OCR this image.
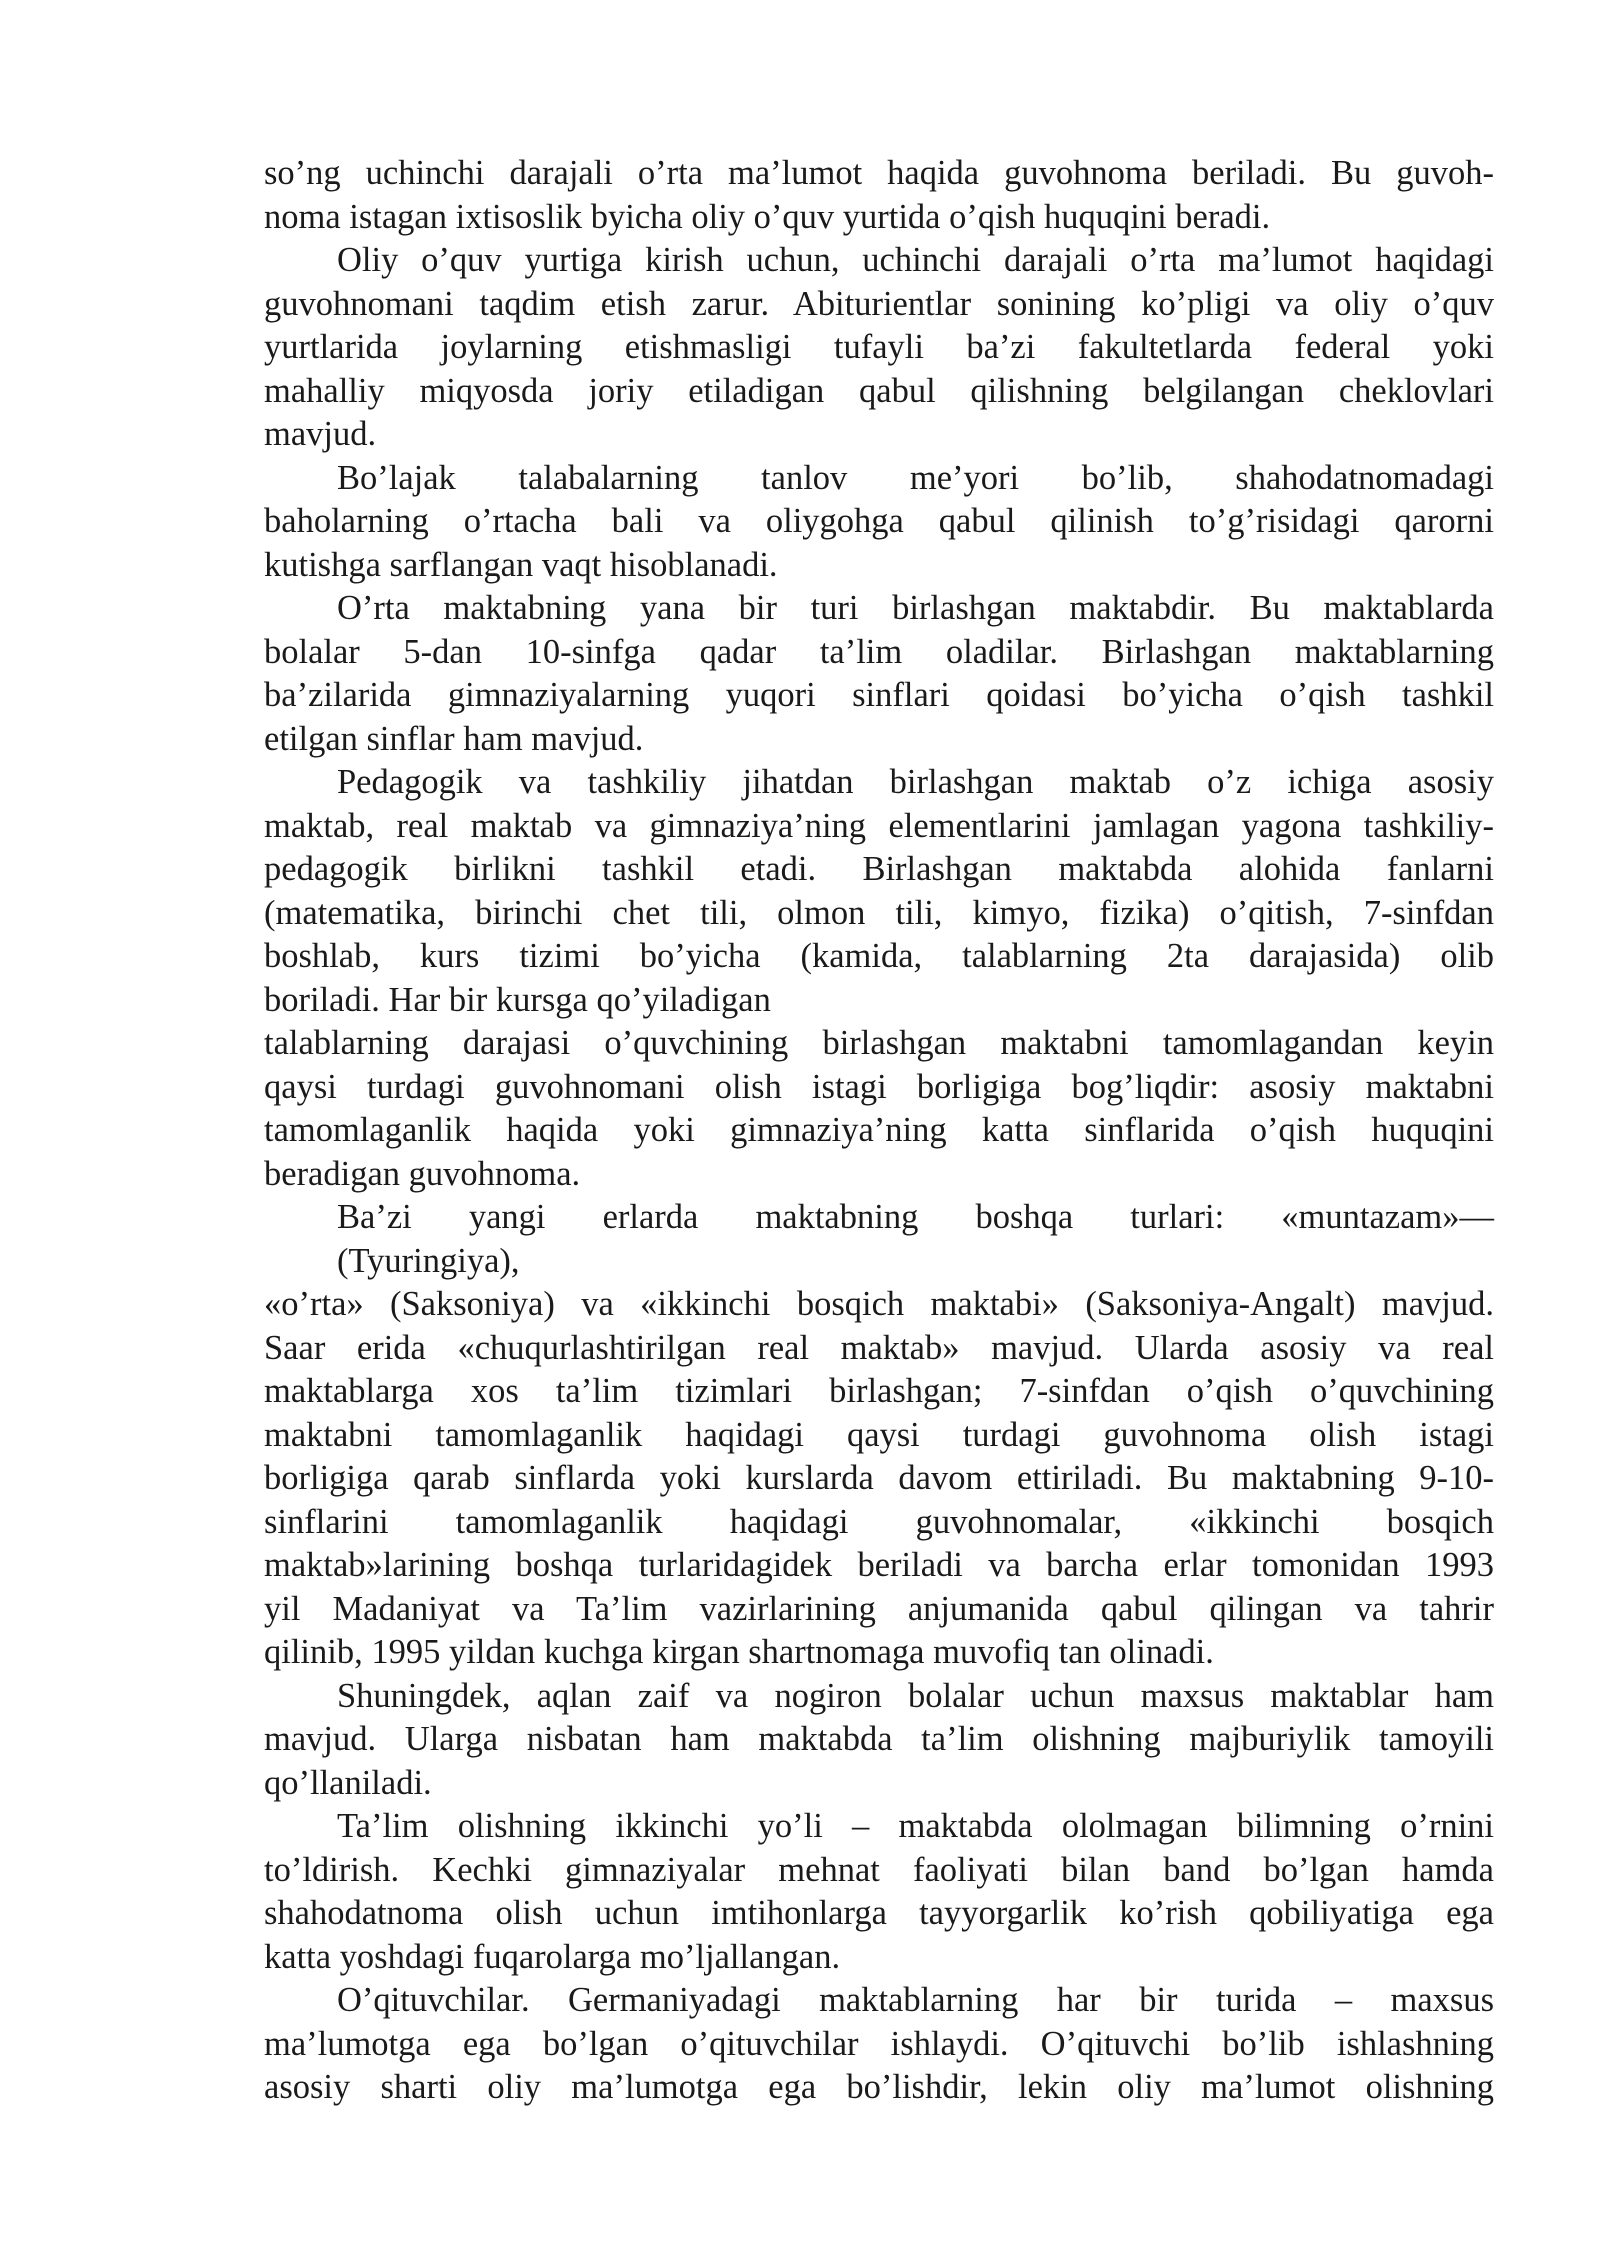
so’ng uchinchi darajali o’rta ma’lumot haqida guvohnoma beriladi. Bu guvoh-
noma istagan ixtisoslik byicha oliy o’quv yurtida o’qish huquqini beradi.

Oliy o’quv yurtiga kirish uchun, uchinchi darajali o’rta ma’lumot haqidagi
guvohnomani taqdim etish zarur. Abiturientlar sonining ko’pligi va oliy o’quv
yurtlarida joylarning etishmasligi tufayli ba’zi fakultetlarda federal yoki
mahalliy miqyosda joriy etiladigan qabul qilishning belgilangan cheklovlari
mavjud.

Bo’lajak talabalarning tanlov me’yori bo’lib, shahodatnomadagi
baholarning o’rtacha bali va oliygohga qabul qilinish to’g’risidagi qarorni
kutishga sarflangan vaqt hisoblanadi.

O’rta maktabning yana bir turi birlashgan maktabdir. Bu maktablarda
bolalar 5-dan 10-sinfga qadar ta’lim oladilar. Birlashgan maktablarning
ba’zilarida gimnaziyalarning yuqori sinflari qoidasi bo’yicha o’qish tashkil
etilgan sinflar ham mavjud.

Pedagogik va tashkiliy jihatdan birlashgan maktab o’z ichiga asosiy
maktab, real maktab va gimnaziya’ning elementlarini jamlagan yagona tashkiliy-
pedagogik birlikni tashkil etadi. Birlashgan maktabda alohida fanlarni
(matematika, birinchi chet tili, olmon tili, kimyo, fizika) o’qitish, 7-sinfdan
boshlab, kurs tizimi bo’yicha (kamida, talablarning 2ta darajasida) olib
boriladi. Har bir kursga qo’yiladigan

talablarning darajasi o’quvchining birlashgan maktabni tamomlagandan keyin
qaysi turdagi guvohnomani olish istagi borligiga bog’liqdir: asosiy maktabni
tamomlaganlik haqida yoki gimnaziya’ning katta sinflarida o’qish huquqini
beradigan guvohnoma.

Ba’zi yangi erlarda maktabning boshqa turlari: «muntazam»—
(Tyuringiya),

«o’rta» (Saksoniya) va «ikkinchi bosqich maktabi» (Saksoniya-Angalt) mavjud.
Saar erida «chuqurlashtirilgan real maktab» mavjud. Ularda asosiy va real
maktablarga xos ta’lim tizimlari birlashgan; 7-sinfdan o’qish o’quvchining
maktabni tamomlaganlik haqidagi qaysi turdagi guvohnoma olish istagi
borligiga qarab sinflarda yoki kurslarda davom ettiriladi. Bu maktabning 9-10-
sinflarini tamomlaganlik haqidagi guvohnomalar, «ikkinchi bosqich
maktab»larining boshqa turlaridagidek beriladi va barcha erlar tomonidan 1993
yil Madaniyat va Ta’lim vazirlarining anjumanida qabul qilingan va tahrir
qilinib, 1995 yildan kuchga kirgan shartnomaga muvofiq tan olinadi.

Shuningdek, aqlan zaif va nogiron bolalar uchun maxsus maktablar ham
mavjud. Ularga nisbatan ham maktabda ta’lim olishning majburiylik tamoyili
qo’llaniladi.

Ta’lim olishning ikkinchi yo’li – maktabda ololmagan bilimning o’rnini
to’ldirish. Kechki gimnaziyalar mehnat faoliyati bilan band bo’lgan hamda
shahodatnoma olish uchun imtihonlarga tayyorgarlik ko’rish qobiliyatiga ega
katta yoshdagi fuqarolarga mo’ljallangan.

O’qituvchilar. Germaniyadagi maktablarning har bir turida – maxsus
ma’lumotga ega bo’lgan o’qituvchilar ishlaydi. O’qituvchi bo’lib ishlashning
asosiy sharti oliy ma’lumotga ega bo’lishdir, lekin oliy ma’lumot olishning
